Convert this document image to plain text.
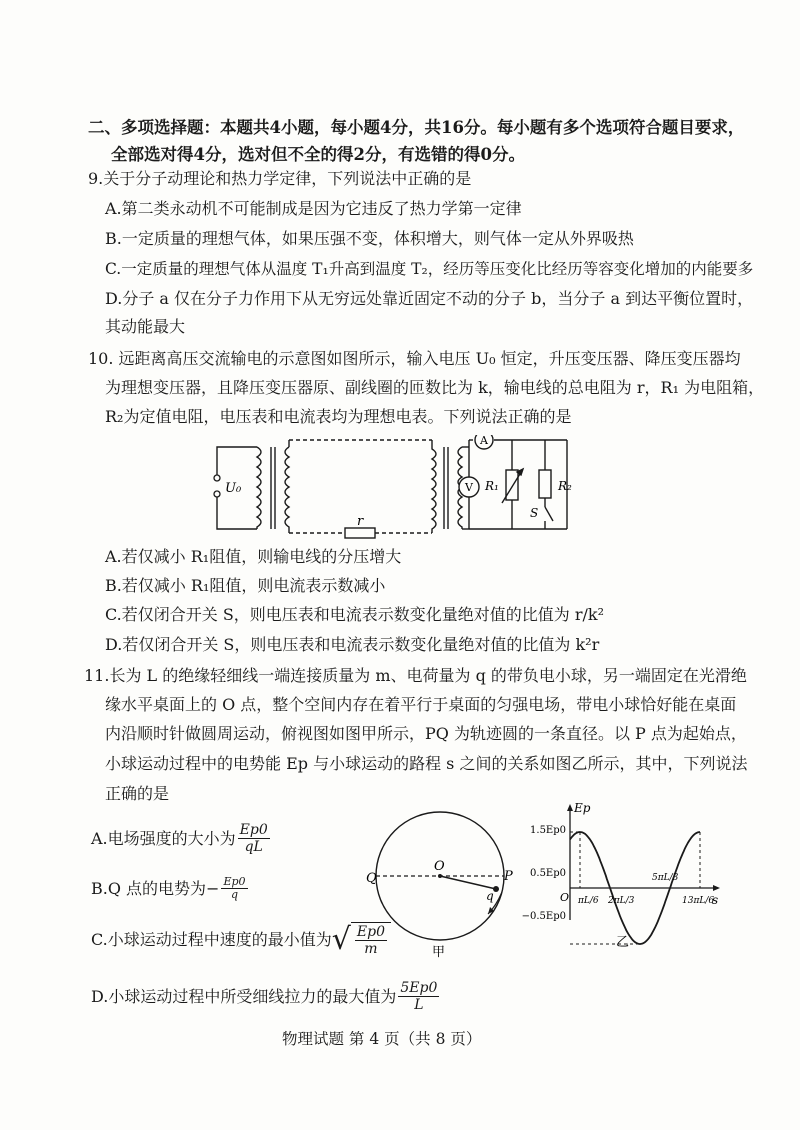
二、多项选择题：本题共4小题，每小题4分，共16分。每小题有多个选项符合题目要求，
全部选对得4分，选对但不全的得2分，有选错的得0分。
9.关于分子动理论和热力学定律，下列说法中正确的是
A.第二类永动机不可能制成是因为它违反了热力学第一定律
B.一定质量的理想气体，如果压强不变，体积增大，则气体一定从外界吸热
C.一定质量的理想气体从温度 T₁升高到温度 T₂，经历等压变化比经历等容变化增加的内能要多
D.分子 a 仅在分子力作用下从无穷远处靠近固定不动的分子 b，当分子 a 到达平衡位置时，
其动能最大
10. 远距离高压交流输电的示意图如图所示，输入电压 U₀ 恒定，升压变压器、降压变压器均
为理想变压器，且降压变压器原、副线圈的匝数比为 k，输电线的总电阻为 r，R₁ 为电阻箱，
R₂为定值电阻，电压表和电流表均为理想电表。下列说法正确的是
U₀
A
V
r
R₁	R₂
S
A.若仅减小 R₁阻值，则输电线的分压增大
B.若仅减小 R₁阻值，则电流表示数减小
C.若仅闭合开关 S，则电压表和电流表示数变化量绝对值的比值为 r/k²
D.若仅闭合开关 S，则电压表和电流表示数变化量绝对值的比值为 k²r
11.长为 L 的绝缘轻细线一端连接质量为 m、电荷量为 q 的带负电小球，另一端固定在光滑绝
缘水平桌面上的 O 点，整个空间内存在着平行于桌面的匀强电场，带电小球恰好能在桌面
内沿顺时针做圆周运动，俯视图如图甲所示，PQ 为轨迹圆的一条直径。以 P 点为起始点，
小球运动过程中的电势能 Ep 与小球运动的路程 s 之间的关系如图乙所示，其中，下列说法
正确的是
A.电场强度的大小为 $\frac{Ep0}{qL}$
B.Q 点的电势为− $\frac{Ep0}{q}$
C.小球运动过程中速度的最小值为 √ $\frac{Ep0}{m}$
D.小球运动过程中所受细线拉力的最大值为 $\frac{5Ep0}{L}$
Q
O
P
q
甲
Ep
s
O
1.5Ep0
0.5Ep0
−0.5Ep0
πL/6 2πL/3
5πL/3
13πL/6
乙
物理试题 第 4 页（共 8 页）
